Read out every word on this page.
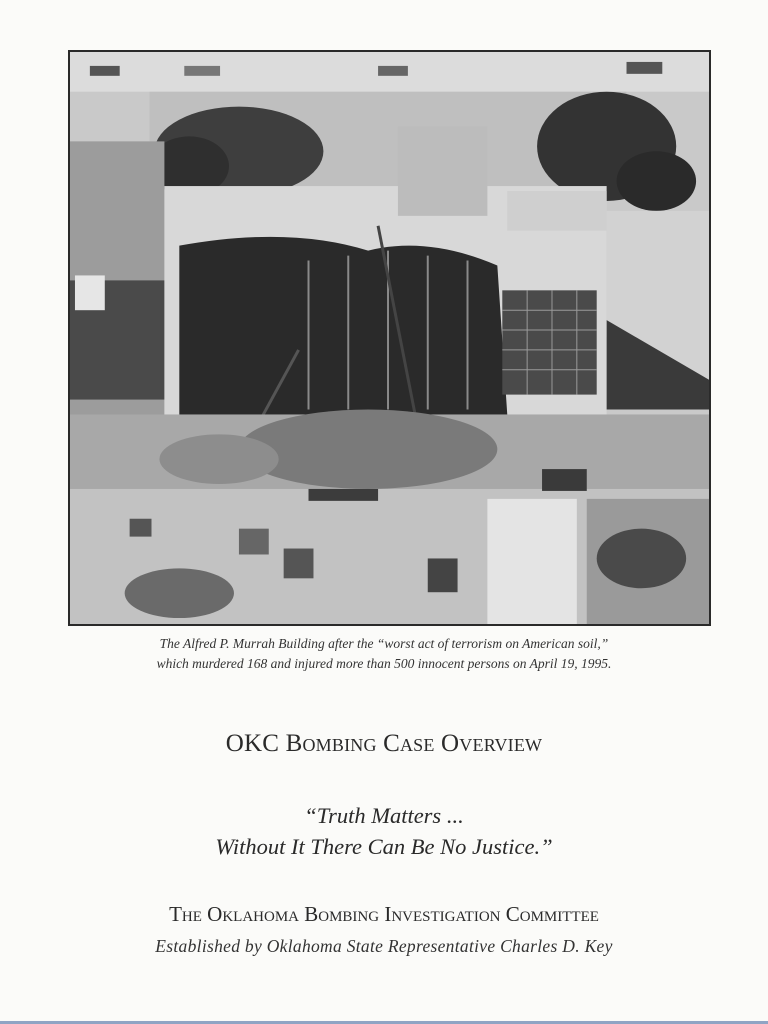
The Alfred P. Murrah Building after the “worst act of terrorism on American soil,”
which murdered 168 and injured more than 500 innocent persons on April 19, 1995.
OKC Bombing Case Overview
“Truth Matters ...
Without It There Can Be No Justice.”
The Oklahoma Bombing Investigation Committee
Established by Oklahoma State Representative Charles D. Key
